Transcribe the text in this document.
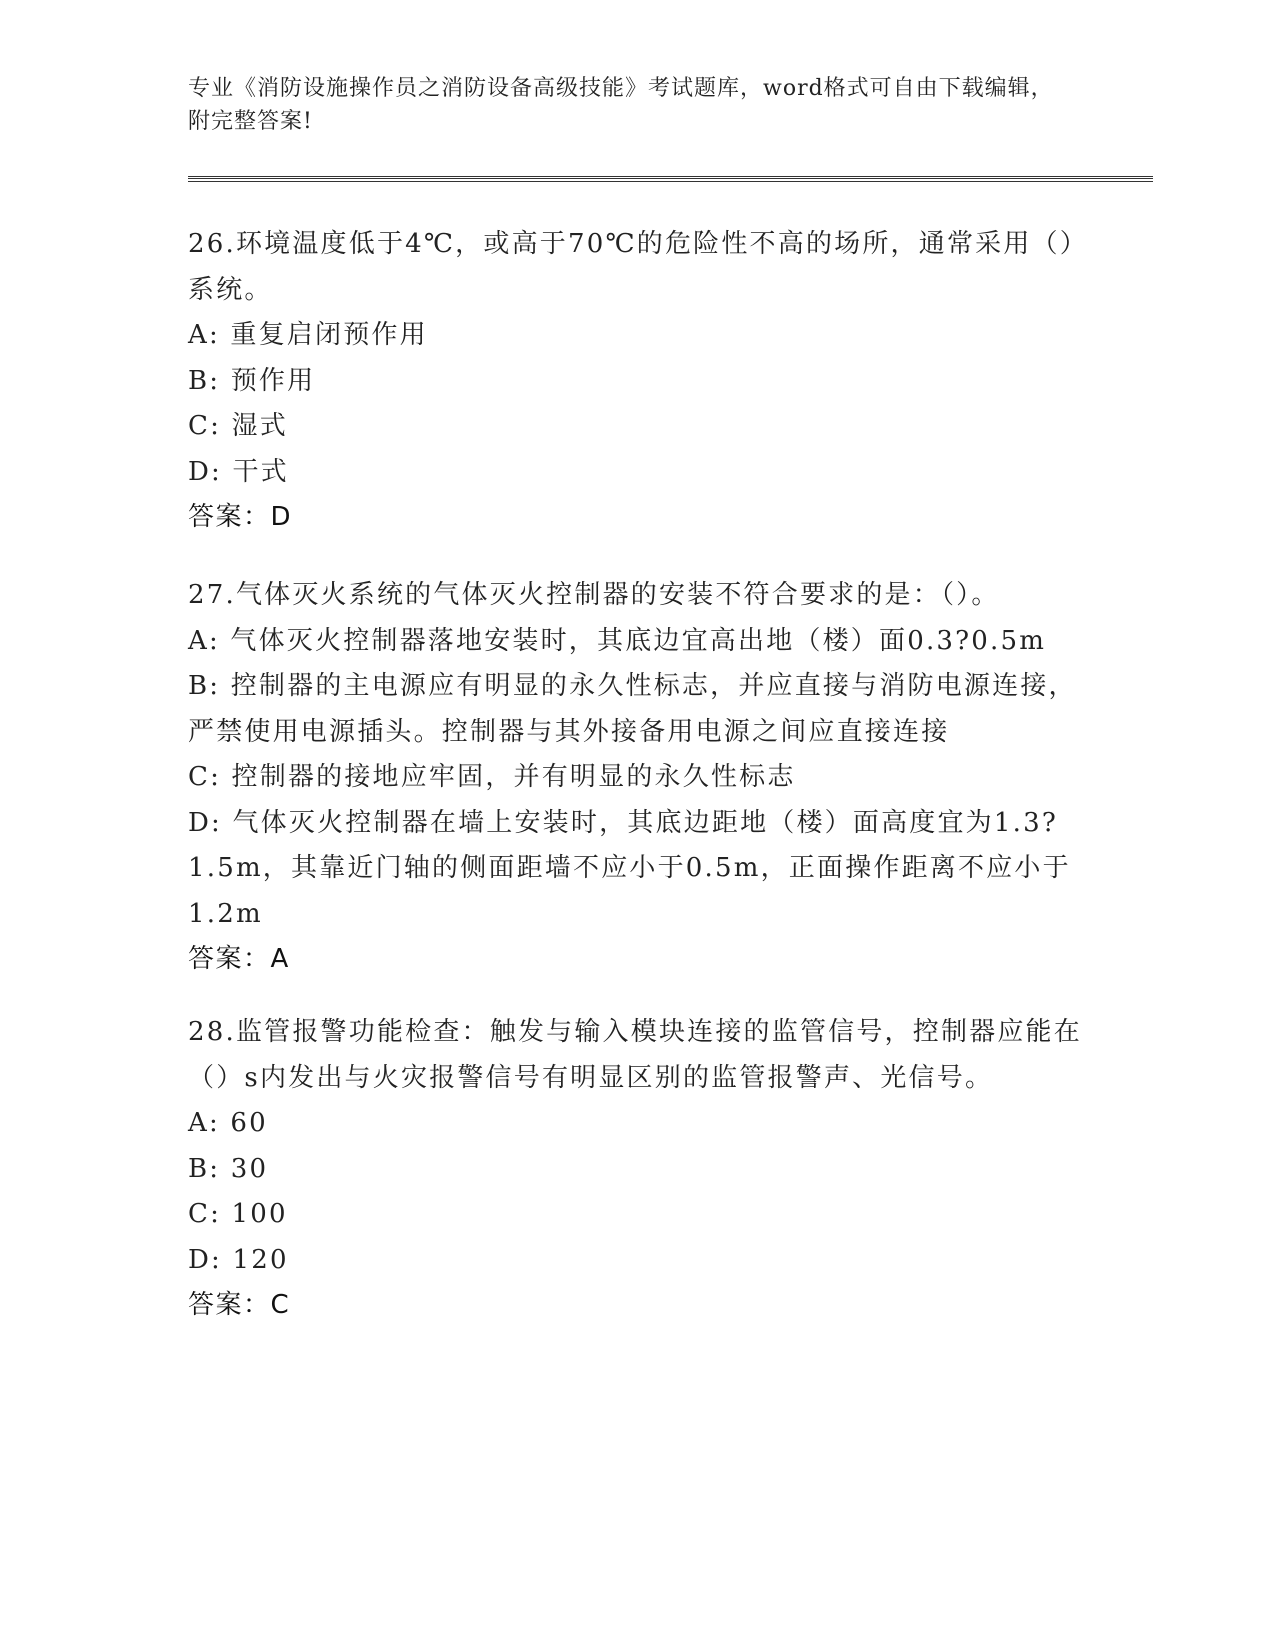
专业《消防设施操作员之消防设备高级技能》考试题库，word格式可自由下载编辑，附完整答案!

26.环境温度低于4℃，或高于70℃的危险性不高的场所，通常采用（）系统。

A: 重复启闭预作用

B: 预作用

C: 湿式

D: 干式

答案：D

27.气体灭火系统的气体灭火控制器的安装不符合要求的是：（）。

A: 气体灭火控制器落地安装时，其底边宜高出地（楼）面0.3?0.5m

B: 控制器的主电源应有明显的永久性标志，并应直接与消防电源连接，严禁使用电源插头。控制器与其外接备用电源之间应直接连接

C: 控制器的接地应牢固，并有明显的永久性标志

D: 气体灭火控制器在墙上安装时，其底边距地（楼）面高度宜为1.3?1.5m，其靠近门轴的侧面距墙不应小于0.5m，正面操作距离不应小于1.2m

答案：A

28.监管报警功能检查：触发与输入模块连接的监管信号，控制器应能在（）s内发出与火灾报警信号有明显区别的监管报警声、光信号。

A: 60

B: 30

C: 100

D: 120

答案：C
